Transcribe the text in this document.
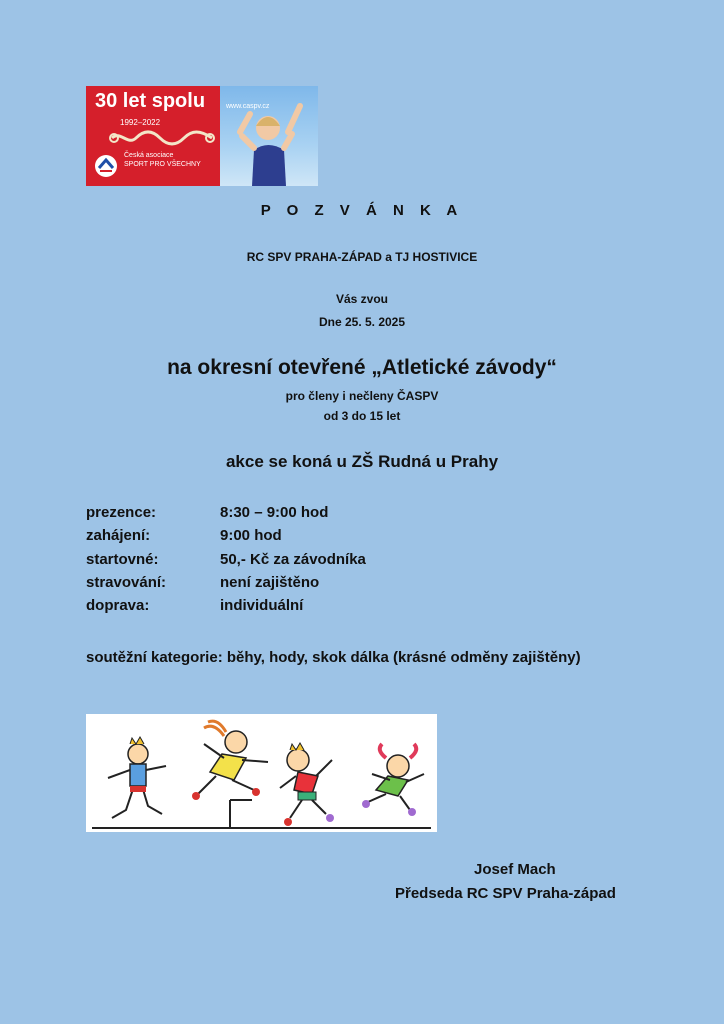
30 let spolu
1992–2022
Česká asociace
SPORT PRO VŠECHNY
www.caspv.cz
P O Z V Á N K A
RC SPV PRAHA-ZÁPAD a TJ HOSTIVICE
Vás zvou
Dne 25. 5. 2025
na okresní otevřené „Atletické závody“
pro členy i nečleny ČASPV
od 3 do 15 let
akce se koná u ZŠ Rudná u Prahy
prezence:	8:30 – 9:00 hod
zahájení:	9:00 hod
startovné:	50,- Kč za závodníka
stravování:	není zajištěno
doprava:	individuální
soutěžní kategorie: běhy, hody, skok dálka (krásné odměny zajištěny)
Josef Mach
Předseda RC SPV Praha-západ
